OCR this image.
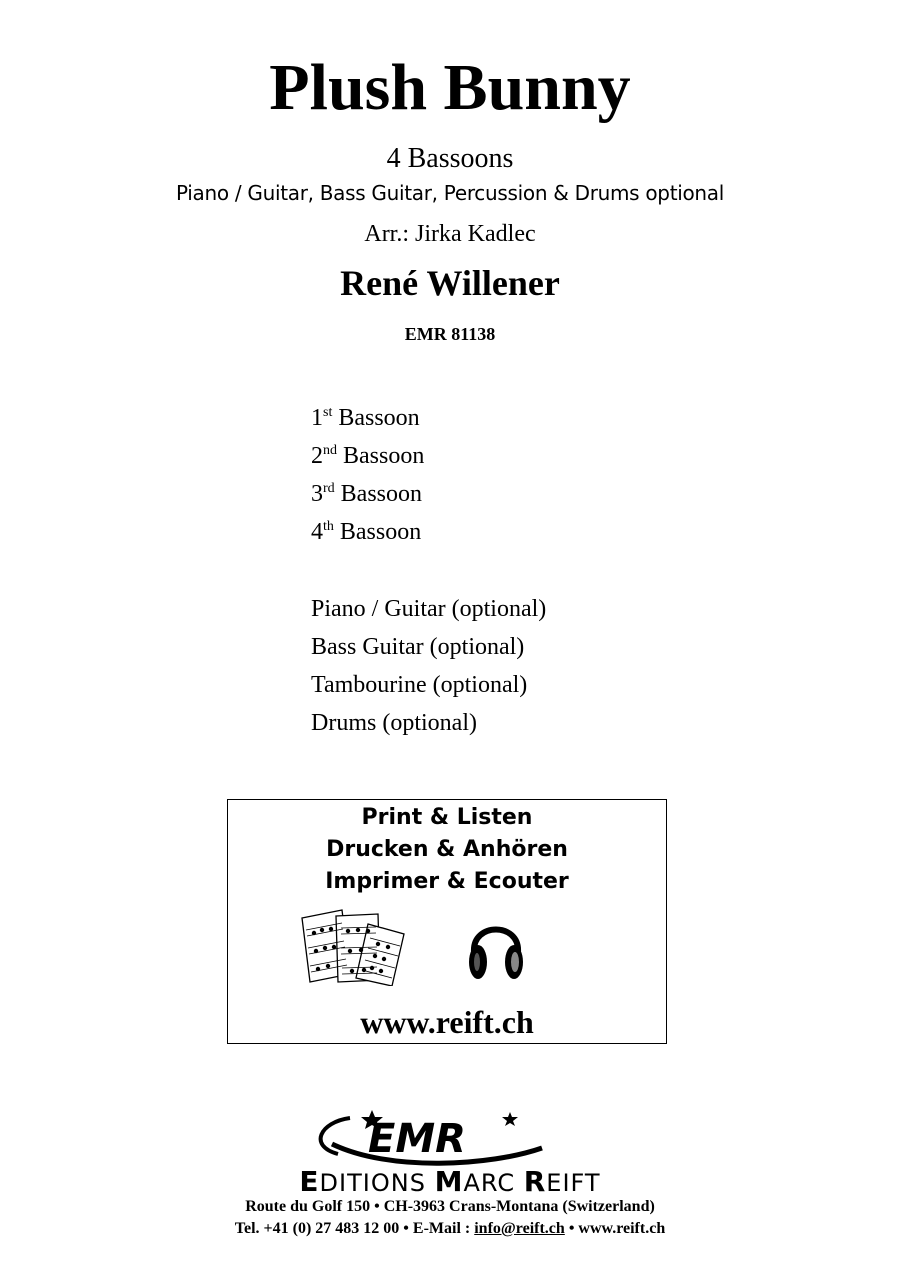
Plush Bunny
4 Bassoons
Piano / Guitar, Bass Guitar, Percussion & Drums optional
Arr.: Jirka Kadlec
René Willener
EMR 81138
1st Bassoon
2nd Bassoon
3rd Bassoon
4th Bassoon
Piano / Guitar (optional)
Bass Guitar (optional)
Tambourine (optional)
Drums (optional)
Print & Listen
Drucken & Anhören
Imprimer & Ecouter
www.reift.ch
EMR
EDITIONS MARC REIFT
Route du Golf 150 • CH-3963 Crans-Montana (Switzerland)
Tel. +41 (0) 27 483 12 00 • E-Mail : info@reift.ch • www.reift.ch
